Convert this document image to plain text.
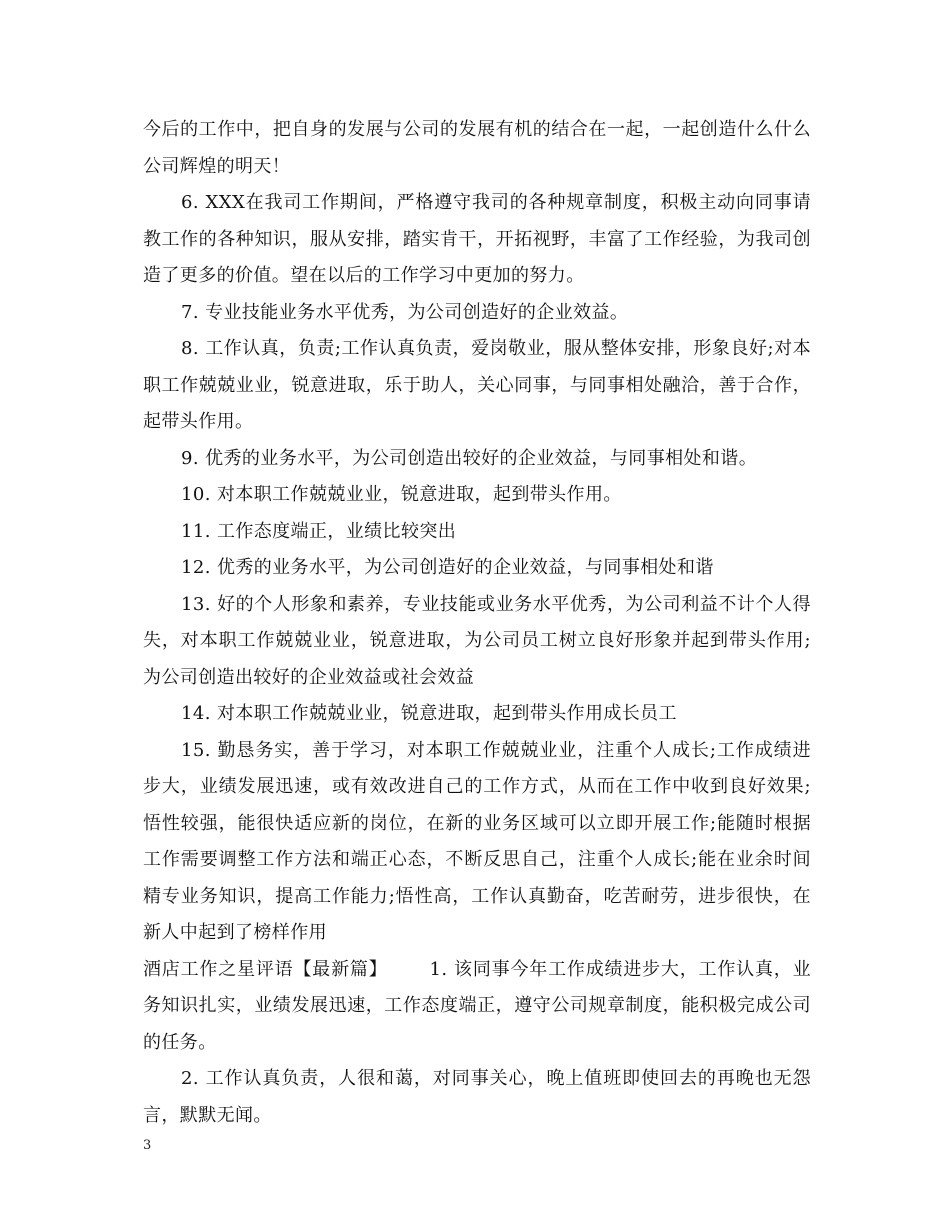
今后的工作中，把自身的发展与公司的发展有机的结合在一起，一起创造什么什么公司辉煌的明天！

6. XXX在我司工作期间，严格遵守我司的各种规章制度，积极主动向同事请教工作的各种知识，服从安排，踏实肯干，开拓视野，丰富了工作经验，为我司创造了更多的价值。望在以后的工作学习中更加的努力。

7. 专业技能业务水平优秀，为公司创造好的企业效益。

8. 工作认真，负责;工作认真负责，爱岗敬业，服从整体安排，形象良好;对本职工作兢兢业业，锐意进取，乐于助人，关心同事，与同事相处融洽，善于合作，起带头作用。

9. 优秀的业务水平，为公司创造出较好的企业效益，与同事相处和谐。

10. 对本职工作兢兢业业，锐意进取，起到带头作用。

11. 工作态度端正，业绩比较突出

12. 优秀的业务水平，为公司创造好的企业效益，与同事相处和谐

13. 好的个人形象和素养，专业技能或业务水平优秀，为公司利益不计个人得失，对本职工作兢兢业业，锐意进取，为公司员工树立良好形象并起到带头作用;为公司创造出较好的企业效益或社会效益

14. 对本职工作兢兢业业，锐意进取，起到带头作用成长员工

15. 勤恳务实，善于学习，对本职工作兢兢业业，注重个人成长;工作成绩进步大，业绩发展迅速，或有效改进自己的工作方式，从而在工作中收到良好效果;悟性较强，能很快适应新的岗位，在新的业务区域可以立即开展工作;能随时根据工作需要调整工作方法和端正心态，不断反思自己，注重个人成长;能在业余时间精专业务知识，提高工作能力;悟性高，工作认真勤奋，吃苦耐劳，进步很快，在新人中起到了榜样作用

酒店工作之星评语【最新篇】 1. 该同事今年工作成绩进步大，工作认真，业务知识扎实，业绩发展迅速，工作态度端正，遵守公司规章制度，能积极完成公司的任务。

2. 工作认真负责，人很和蔼，对同事关心，晚上值班即使回去的再晚也无怨言，默默无闻。

3
